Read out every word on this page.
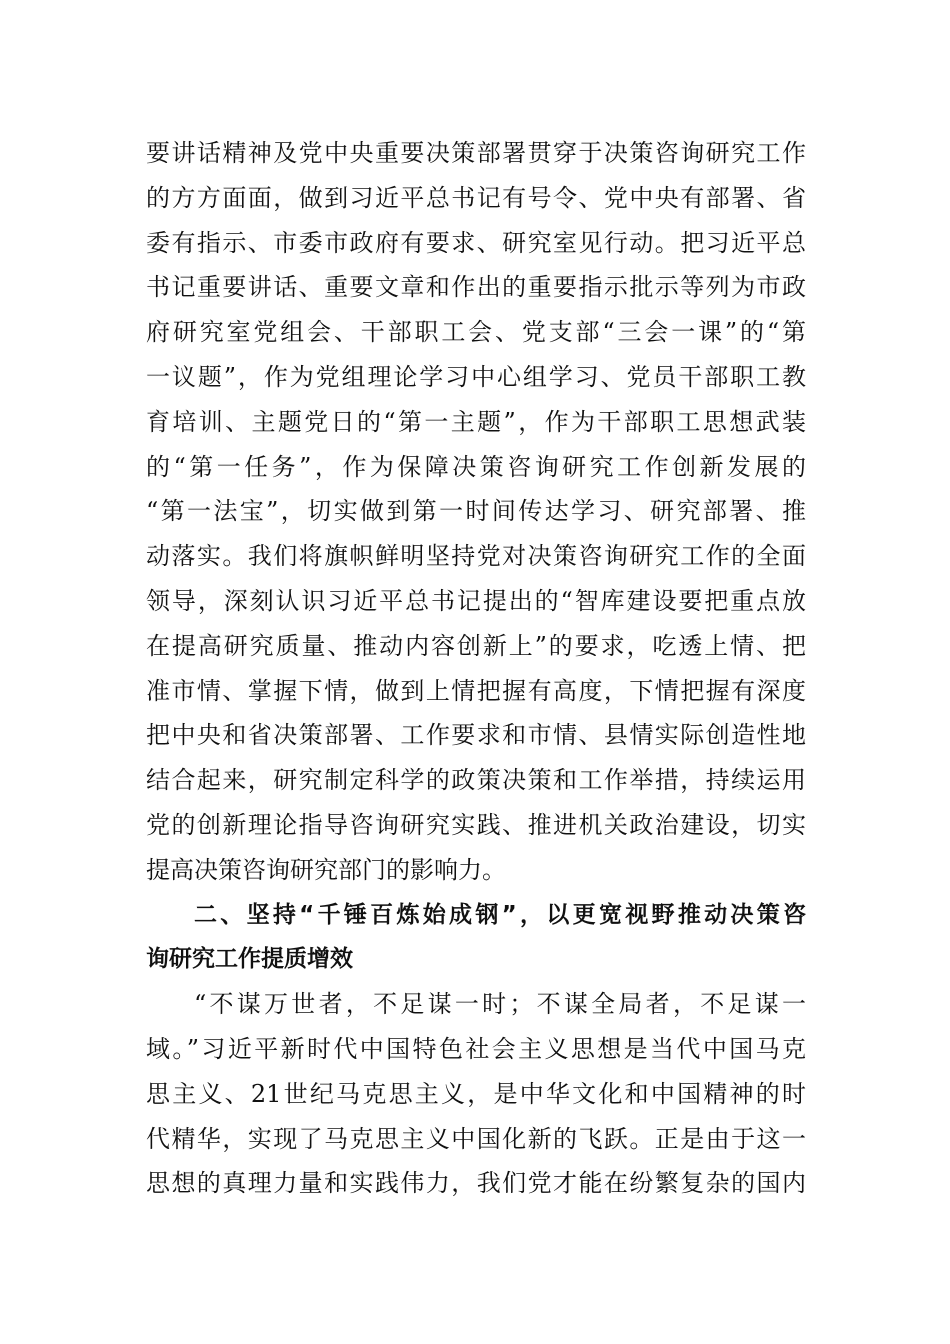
要讲话精神及党中央重要决策部署贯穿于决策咨询研究工作
的方方面面，做到习近平总书记有号令、党中央有部署、省
委有指示、市委市政府有要求、研究室见行动。把习近平总
书记重要讲话、重要文章和作出的重要指示批示等列为市政
府研究室党组会、干部职工会、党支部“三会一课”的“第
一议题”，作为党组理论学习中心组学习、党员干部职工教
育培训、主题党日的“第一主题”，作为干部职工思想武装
的“第一任务”，作为保障决策咨询研究工作创新发展的
“第一法宝”，切实做到第一时间传达学习、研究部署、推
动落实。我们将旗帜鲜明坚持党对决策咨询研究工作的全面
领导，深刻认识习近平总书记提出的“智库建设要把重点放
在提高研究质量、推动内容创新上”的要求，吃透上情、把
准市情、掌握下情，做到上情把握有高度，下情把握有深度
把中央和省决策部署、工作要求和市情、县情实际创造性地
结合起来，研究制定科学的政策决策和工作举措，持续运用
党的创新理论指导咨询研究实践、推进机关政治建设，切实
提高决策咨询研究部门的影响力。
二、坚持“千锤百炼始成钢”，以更宽视野推动决策咨
询研究工作提质增效
“不谋万世者，不足谋一时；不谋全局者，不足谋一
域。”习近平新时代中国特色社会主义思想是当代中国马克
思主义、21世纪马克思主义，是中华文化和中国精神的时
代精华，实现了马克思主义中国化新的飞跃。正是由于这一
思想的真理力量和实践伟力，我们党才能在纷繁复杂的国内
